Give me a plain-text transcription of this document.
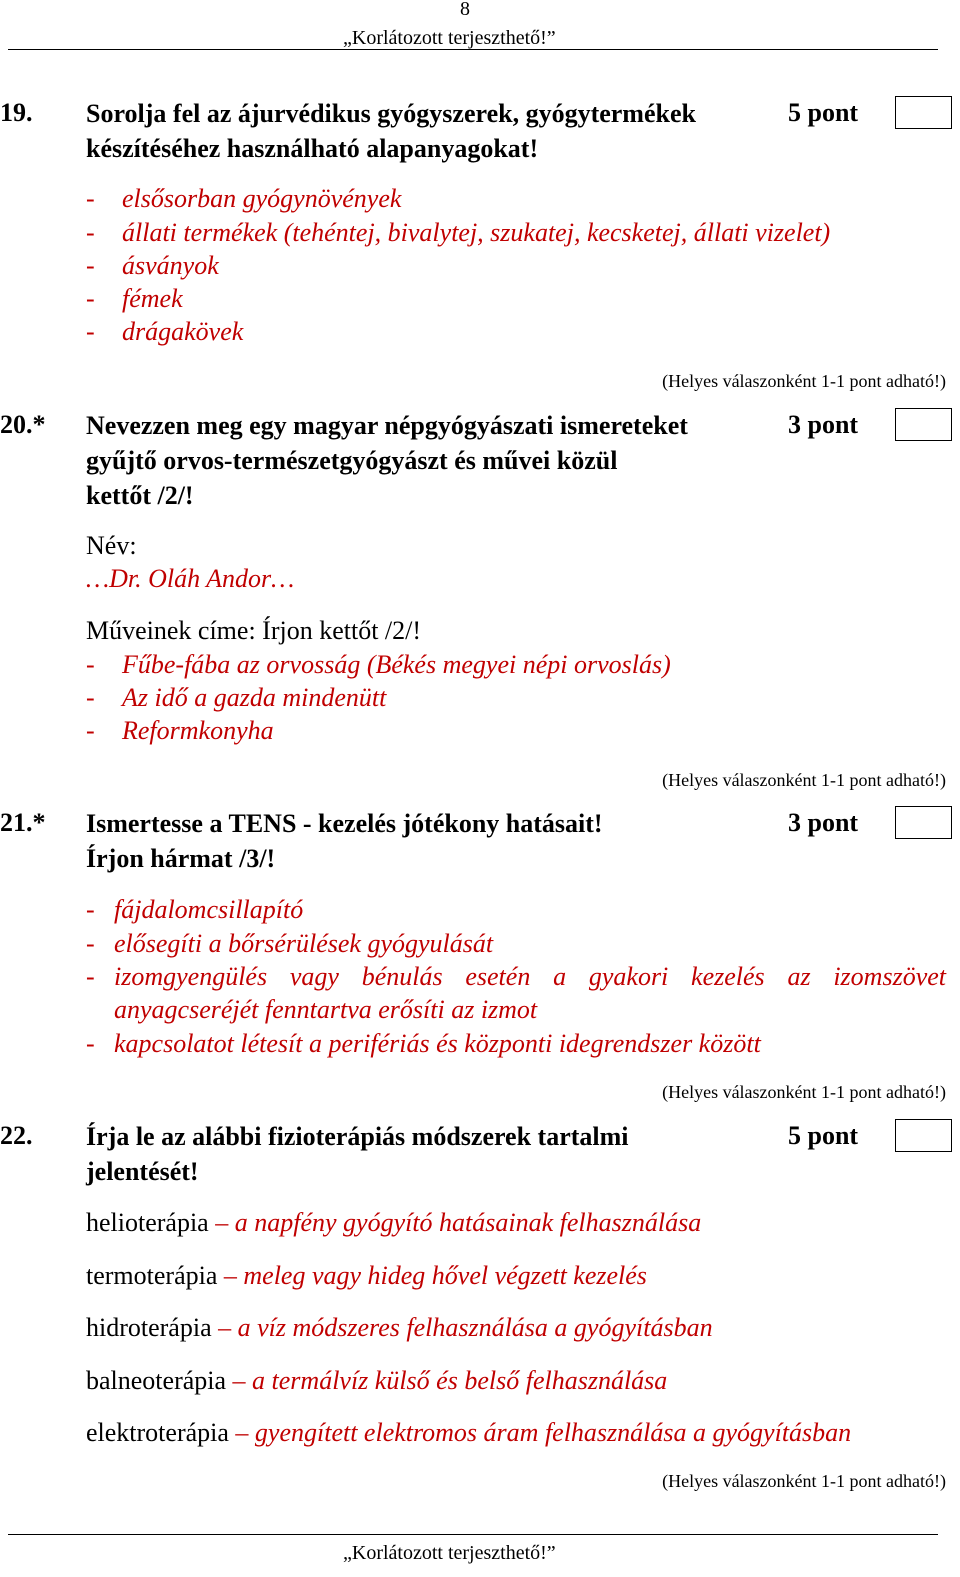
8
„Korlátozott terjeszthető!”
19. Sorolja fel az ájurvédikus gyógyszerek, gyógytermékek
készítéséhez használható alapanyagokat!
5 pont
- elsősorban gyógynövények
- állati termékek (tehéntej, bivalytej, szukatej, kecsketej, állati vizelet)
- ásványok
- fémek
- drágakövek
(Helyes válaszonként 1-1 pont adható!)
20.* Nevezzen meg egy magyar népgyógyászati ismereteket
gyűjtő orvos-természetgyógyászt és művei közül
kettőt /2/!
3 pont
Név:
…Dr. Oláh Andor…
Műveinek címe: Írjon kettőt /2/!
- Fűbe-fába az orvosság (Békés megyei népi orvoslás)
- Az idő a gazda mindenütt
- Reformkonyha
(Helyes válaszonként 1-1 pont adható!)
21.* Ismertesse a TENS - kezelés jótékony hatásait!
Írjon hármat /3/!
3 pont
- fájdalomcsillapító
- elősegíti a bőrsérülések gyógyulását
- izomgyengülés vagy bénulás esetén a gyakori kezelés az izomszövet
anyagcseréjét fenntartva erősíti az izmot
- kapcsolatot létesít a perifériás és központi idegrendszer között
(Helyes válaszonként 1-1 pont adható!)
22. Írja le az alábbi fizioterápiás módszerek tartalmi
jelentését!
5 pont
helioterápia – a napfény gyógyító hatásainak felhasználása
termoterápia – meleg vagy hideg hővel végzett kezelés
hidroterápia – a víz módszeres felhasználása a gyógyításban
balneoterápia – a termálvíz külső és belső felhasználása
elektroterápia – gyengített elektromos áram felhasználása a gyógyításban
(Helyes válaszonként 1-1 pont adható!)
„Korlátozott terjeszthető!”
